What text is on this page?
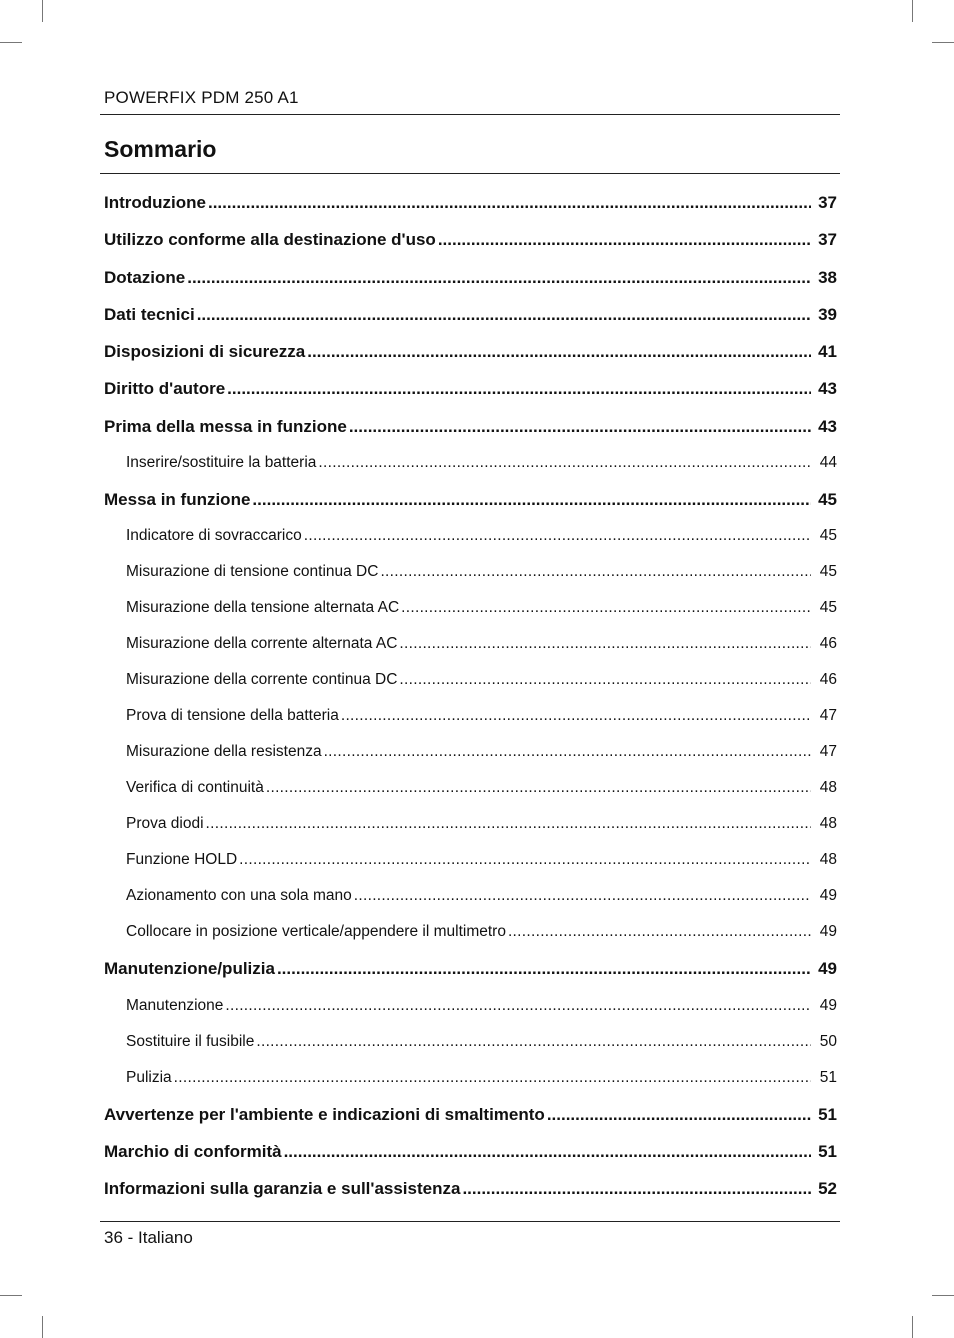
POWERFIX PDM 250 A1
Sommario
Introduzione .....	37
Utilizzo conforme alla destinazione d'uso .....	37
Dotazione .....	38
Dati tecnici .....	39
Disposizioni di sicurezza .....	41
Diritto d'autore .....	43
Prima della messa in funzione .....	43
Inserire/sostituire la batteria .....	44
Messa in funzione .....	45
Indicatore di sovraccarico .....	45
Misurazione di tensione continua DC .....	45
Misurazione della tensione alternata AC .....	45
Misurazione della corrente alternata AC .....	46
Misurazione della corrente continua DC .....	46
Prova di tensione della batteria .....	47
Misurazione della resistenza .....	47
Verifica di continuità .....	48
Prova diodi .....	48
Funzione HOLD .....	48
Azionamento con una sola mano .....	49
Collocare in posizione verticale/appendere il multimetro .....	49
Manutenzione/pulizia .....	49
Manutenzione .....	49
Sostituire il fusibile .....	50
Pulizia .....	51
Avvertenze per l'ambiente e indicazioni di smaltimento .....	51
Marchio di conformità .....	51
Informazioni sulla garanzia e sull'assistenza .....	52
36 - Italiano
